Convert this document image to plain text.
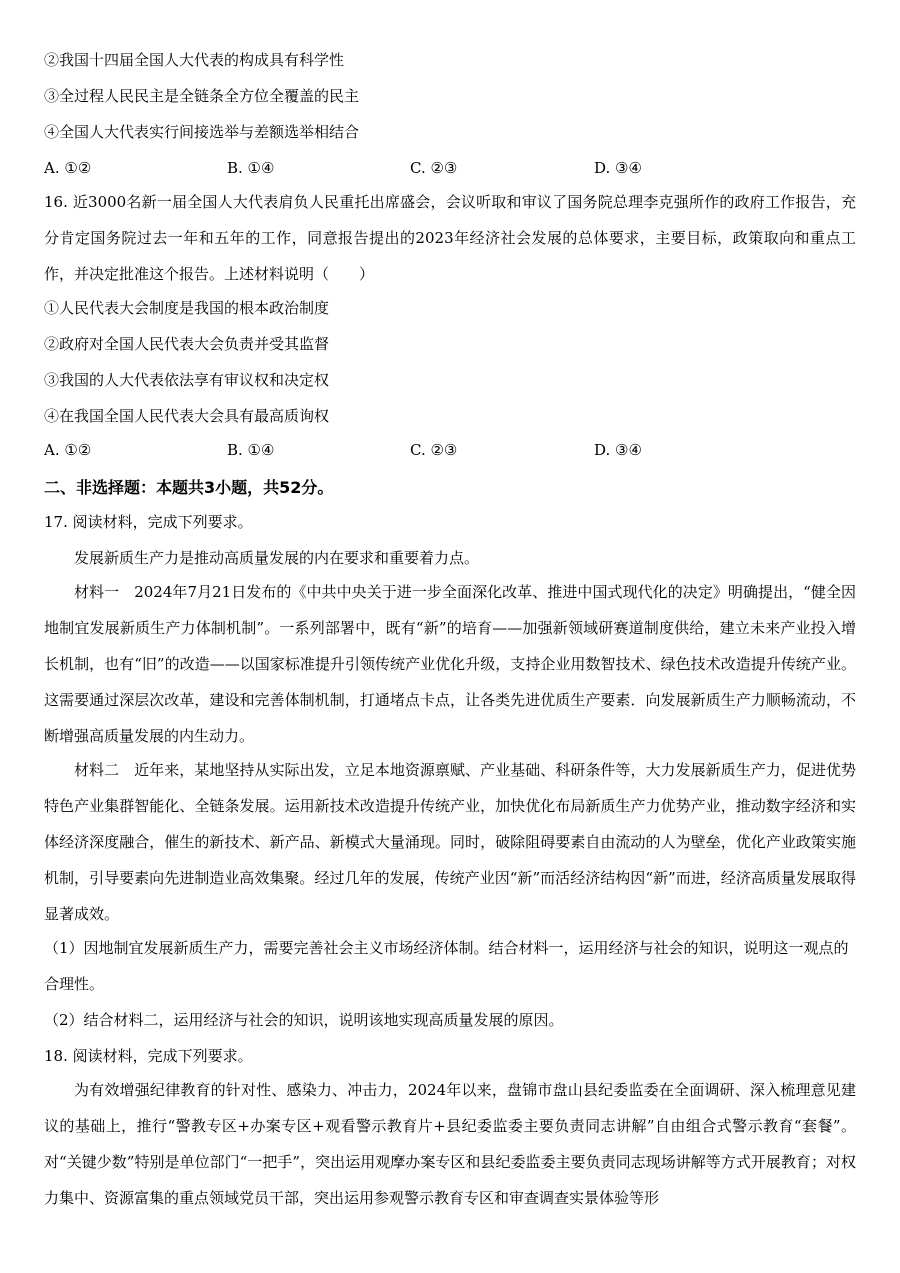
②我国十四届全国人大代表的构成具有科学性
③全过程人民民主是全链条全方位全覆盖的民主
④全国人大代表实行间接选举与差额选举相结合
A. ①②	B. ①④	C. ②③	D. ③④

16. 近3000名新一届全国人大代表肩负人民重托出席盛会，会议听取和审议了国务院总理李克强所作的政府工作报告，充分肯定国务院过去一年和五年的工作，同意报告提出的2023年经济社会发展的总体要求，主要目标，政策取向和重点工作，并决定批准这个报告。上述材料说明（　　）

①人民代表大会制度是我国的根本政治制度
②政府对全国人民代表大会负责并受其监督
③我国的人大代表依法享有审议权和决定权
④在我国全国人民代表大会具有最高质询权
A. ①②	B. ①④	C. ②③	D. ③④
二、非选择题：本题共3小题，共52分。
17. 阅读材料，完成下列要求。
发展新质生产力是推动高质量发展的内在要求和重要着力点。

材料一　2024年7月21日发布的《中共中央关于进一步全面深化改革、推进中国式现代化的决定》明确提出，“健全因地制宜发展新质生产力体制机制”。一系列部署中，既有“新”的培育——加强新领域研赛道制度供给，建立未来产业投入增长机制，也有“旧”的改造——以国家标准提升引领传统产业优化升级，支持企业用数智技术、绿色技术改造提升传统产业。这需要通过深层次改革，建设和完善体制机制，打通堵点卡点，让各类先进优质生产要素．向发展新质生产力顺畅流动，不断增强高质量发展的内生动力。

材料二　近年来，某地坚持从实际出发，立足本地资源禀赋、产业基础、科研条件等，大力发展新质生产力，促进优势特色产业集群智能化、全链条发展。运用新技术改造提升传统产业，加快优化布局新质生产力优势产业，推动数字经济和实体经济深度融合，催生的新技术、新产品、新模式大量涌现。同时，破除阻碍要素自由流动的人为壁垒，优化产业政策实施机制，引导要素向先进制造业高效集聚。经过几年的发展，传统产业因“新”而活经济结构因“新”而进，经济高质量发展取得显著成效。

（1）因地制宜发展新质生产力，需要完善社会主义市场经济体制。结合材料一，运用经济与社会的知识，说明这一观点的合理性。

（2）结合材料二，运用经济与社会的知识，说明该地实现高质量发展的原因。

18. 阅读材料，完成下列要求。

为有效增强纪律教育的针对性、感染力、冲击力，2024年以来，盘锦市盘山县纪委监委在全面调研、深入梳理意见建议的基础上，推行“警教专区+办案专区+观看警示教育片+县纪委监委主要负责同志讲解”自由组合式警示教育“套餐”。对“关键少数”特别是单位部门“一把手”，突出运用观摩办案专区和县纪委监委主要负责同志现场讲解等方式开展教育；对权力集中、资源富集的重点领域党员干部，突出运用参观警示教育专区和审查调查实景体验等形
